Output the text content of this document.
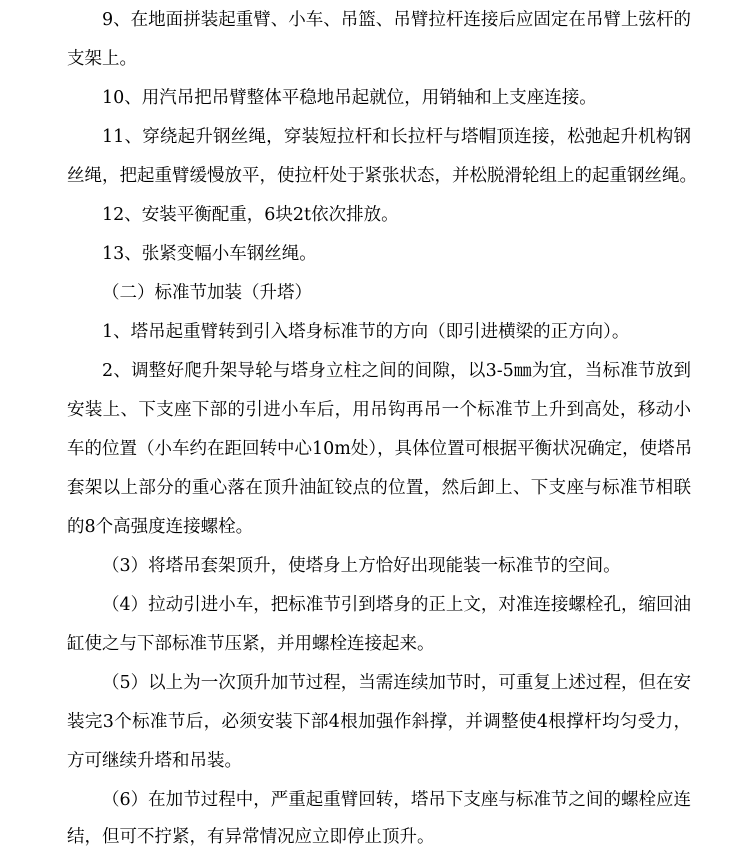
9、在地面拼装起重臂、小车、吊篮、吊臂拉杆连接后应固定在吊臂上弦杆的
支架上。
10、用汽吊把吊臂整体平稳地吊起就位，用销轴和上支座连接。
11、穿绕起升钢丝绳，穿装短拉杆和长拉杆与塔帽顶连接，松弛起升机构钢
丝绳，把起重臂缓慢放平，使拉杆处于紧张状态，并松脱滑轮组上的起重钢丝绳。
12、安装平衡配重，6块2t依次排放。
13、张紧变幅小车钢丝绳。
（二）标准节加装（升塔）
1、塔吊起重臂转到引入塔身标准节的方向（即引进横梁的正方向）。
2、调整好爬升架导轮与塔身立柱之间的间隙，以3-5㎜为宜，当标准节放到
安装上、下支座下部的引进小车后，用吊钩再吊一个标准节上升到高处，移动小
车的位置（小车约在距回转中心10m处），具体位置可根据平衡状况确定，使塔吊
套架以上部分的重心落在顶升油缸铰点的位置，然后卸上、下支座与标准节相联
的8个高强度连接螺栓。
（3）将塔吊套架顶升，使塔身上方恰好出现能装一标准节的空间。
（4）拉动引进小车，把标准节引到塔身的正上文，对准连接螺栓孔，缩回油
缸使之与下部标准节压紧，并用螺栓连接起来。
（5）以上为一次顶升加节过程，当需连续加节时，可重复上述过程，但在安
装完3个标准节后，必须安装下部4根加强作斜撑，并调整使4根撑杆均匀受力，
方可继续升塔和吊装。
（6）在加节过程中，严重起重臂回转，塔吊下支座与标准节之间的螺栓应连
结，但可不拧紧，有异常情况应立即停止顶升。
